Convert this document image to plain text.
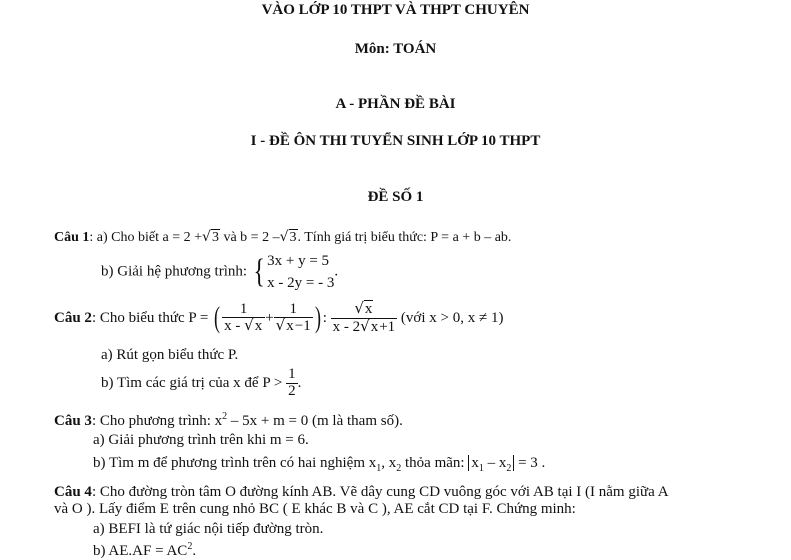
VÀO LỚP 10 THPT VÀ THPT CHUYÊN
Môn: TOÁN
A - PHẦN ĐỀ BÀI
I - ĐỀ ÔN THI TUYỂN SINH LỚP 10 THPT
ĐỀ SỐ 1
Câu 1: a) Cho biết a = 2 +√3 và b = 2 –√3. Tính giá trị biểu thức: P = a + b – ab.
b) Giải hệ phương trình: { 3x + y = 5
x - 2y = - 3
.
Câu 2: Cho biểu thức P = ( $\frac{1}{x - √x} + \frac{1}{√x-1}$ ) : $\frac{√x}{x - 2√x+1}$ (với x > 0, x ≠ 1)
a) Rút gọn biểu thức P.
b) Tìm các giá trị của x để $P > \frac{1}{2}$ .
Câu 3: Cho phương trình: $x^2 - 5x + m = 0$ (m là tham số).
a) Giải phương trình trên khi m = 6.
b) Tìm m để phương trình trên có hai nghiệm $x_1$, $x_2$ thỏa mãn: $x_1 - x_2 = 3$ .
Câu 4: Cho đường tròn tâm O đường kính AB. Vẽ dây cung CD vuông góc với AB tại I (I nằm giữa A
và O ). Lấy điểm E trên cung nhỏ BC ( E khác B và C ), AE cắt CD tại F. Chứng minh:
a) BEFI là tứ giác nội tiếp đường tròn.
b) $AE.AF = AC^2$.
